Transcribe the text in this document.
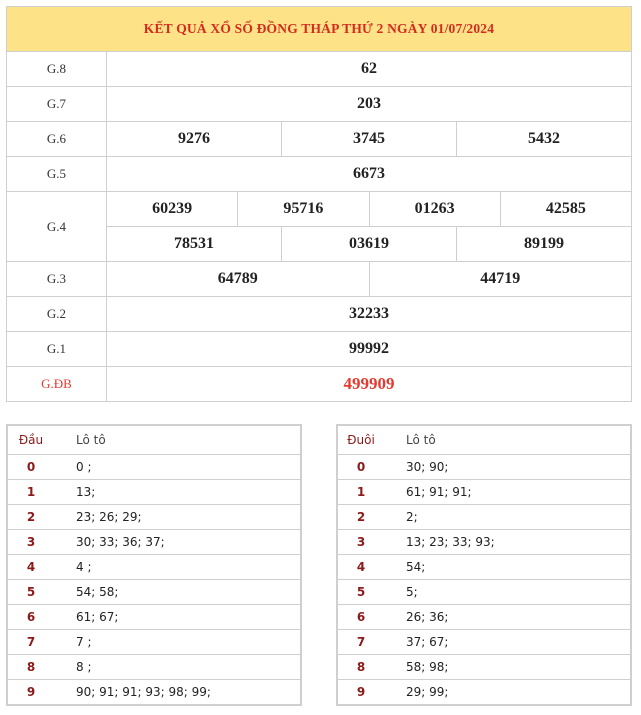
KẾT QUẢ XỔ SỐ ĐỒNG THÁP THỨ 2 NGÀY 01/07/2024						
G.8	62					
G.7	203					
G.6	9276		3745		5432	
G.5	6673					
G.4	60239	95716		01263		42585
	78531		03619		89199	
G.3	64789			44719		
G.2	32233					
G.1	99992					
G.ĐB	499909					
Đầu	Lô tô
0	0 ;
1	13;
2	23; 26; 29;
3	30; 33; 36; 37;
4	4 ;
5	54; 58;
6	61; 67;
7	7 ;
8	8 ;
9	90; 91; 91; 93; 98; 99;
Đuôi	Lô tô
0	30; 90;
1	61; 91; 91;
2	2;
3	13; 23; 33; 93;
4	54;
5	5;
6	26; 36;
7	37; 67;
8	58; 98;
9	29; 99;
